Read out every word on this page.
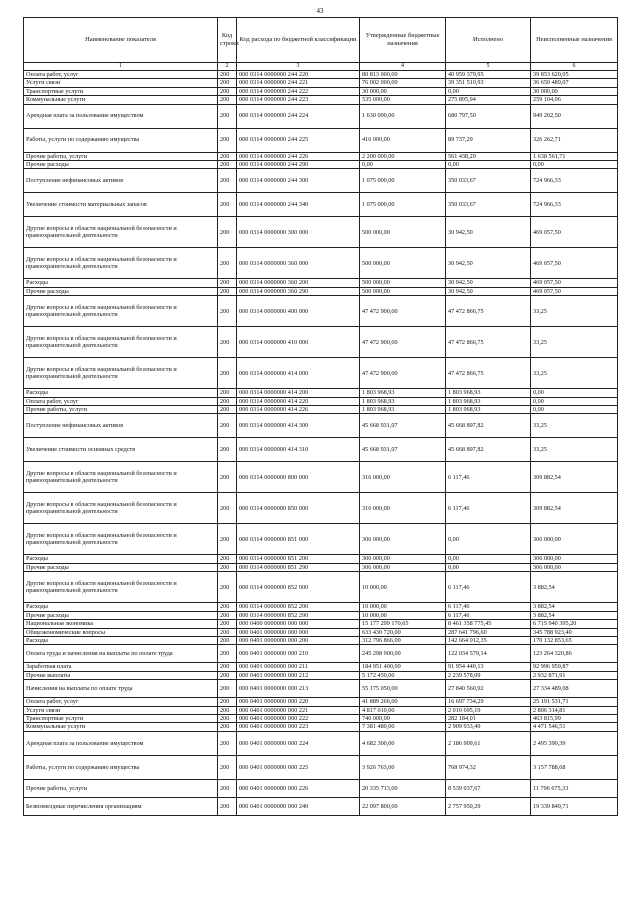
43
Наименование показателя	Код строки	Код расхода по бюджетной классификации	Утвержденные бюджетные назначения	Исполнено	Неисполненные назначения
1	2	3	4	5	6
Оплата работ, услуг	200	000 0314 0000000 244 220	80 813 000,00	40 959 379,95	39 853 620,05
Услуги связи	200	000 0314 0000000 244 221	76 002 000,00	39 351 510,93	36 650 489,07
Транспортные услуги	200	000 0314 0000000 244 222	30 000,00	0,00	30 000,00
Коммунальные услуги	200	000 0314 0000000 244 223	535 000,00	275 895,94	259 104,06
Арендная плата за пользование имуществом	200	000 0314 0000000 244 224	1 630 000,00	680 797,50	949 202,50
Работы, услуги по содержанию имущества	200	000 0314 0000000 244 225	416 000,00	89 737,29	326 262,71
Прочие работы, услуги	200	000 0314 0000000 244 226	2 200 000,00	561 438,29	1 638 561,71
Прочие расходы	200	000 0314 0000000 244 290	0,00	0,00	0,00
Поступление нефинансовых активов	200	000 0314 0000000 244 300	1 075 000,00	350 033,67	724 966,33
Увеличение стоимости материальных запасов	200	000 0314 0000000 244 340	1 075 000,00	350 033,67	724 966,33
Другие вопросы в области национальной безопасности и правоохранительной деятельности	200	000 0314 0000000 300 000	500 000,00	30 942,50	469 057,50
Другие вопросы в области национальной безопасности и правоохранительной деятельности	200	000 0314 0000000 360 000	500 000,00	30 942,50	469 057,50
Расходы	200	000 0314 0000000 360 200	500 000,00	30 942,50	469 057,50
Прочие расходы	200	000 0314 0000000 360 290	500 000,00	30 942,50	469 057,50
Другие вопросы в области национальной безопасности и правоохранительной деятельности	200	000 0314 0000000 400 000	47 472 900,00	47 472 866,75	33,25
Другие вопросы в области национальной безопасности и правоохранительной деятельности	200	000 0314 0000000 410 000	47 472 900,00	47 472 866,75	33,25
Другие вопросы в области национальной безопасности и правоохранительной деятельности	200	000 0314 0000000 414 000	47 472 900,00	47 472 866,75	33,25
Расходы	200	000 0314 0000000 414 200	1 803 968,93	1 803 968,93	0,00
Оплата работ, услуг	200	000 0314 0000000 414 220	1 803 968,93	1 803 968,93	0,00
Прочие работы, услуги	200	000 0314 0000000 414 226	1 803 968,93	1 803 968,93	0,00
Поступление нефинансовых активов	200	000 0314 0000000 414 300	45 668 931,07	45 668 897,82	33,25
Увеличение стоимости основных средств	200	000 0314 0000000 414 310	45 668 931,07	45 668 897,82	33,25
Другие вопросы в области национальной безопасности и правоохранительной деятельности	200	000 0314 0000000 800 000	316 000,00	6 117,46	309 882,54
Другие вопросы в области национальной безопасности и правоохранительной деятельности	200	000 0314 0000000 850 000	316 000,00	6 117,46	309 882,54
Другие вопросы в области национальной безопасности и правоохранительной деятельности	200	000 0314 0000000 851 000	306 000,00	0,00	306 000,00
Расходы	200	000 0314 0000000 851 200	306 000,00	0,00	306 000,00
Прочие расходы	200	000 0314 0000000 851 290	306 000,00	0,00	306 000,00
Другие вопросы в области национальной безопасности и правоохранительной деятельности	200	000 0314 0000000 852 000	10 000,00	6 117,46	3 882,54
Расходы	200	000 0314 0000000 852 200	10 000,00	6 117,46	3 882,54
Прочие расходы	200	000 0314 0000000 852 290	10 000,00	6 117,46	3 882,54
Национальная экономика	200	000 0400 0000000 000 000	15 177 299 170,65	8 461 358 775,45	6 715 940 395,20
Общеэкономические вопросы	200	000 0401 0000000 000 000	633 430 720,00	287 641 796,60	345 788 923,40
Расходы	200	000 0401 0000000 000 200	312 796 866,00	142 664 012,35	170 132 853,65
Оплата труда и начисления на выплаты по оплате труда	200	000 0401 0000000 000 210	245 298 900,00	122 034 579,14	123 264 320,86
Заработная плата	200	000 0401 0000000 000 211	184 951 400,00	91 954 440,13	92 996 959,87
Прочие выплаты	200	000 0401 0000000 000 212	5 172 450,00	2 239 578,09	2 932 871,91
Начисления на выплаты по оплате труда	200	000 0401 0000000 000 213	55 175 050,00	27 840 560,92	27 334 489,08
Оплата работ, услуг	200	000 0401 0000000 000 220	41 889 266,00	16 697 734,29	25 191 531,71
Услуги связи	200	000 0401 0000000 000 221	4 817 010,00	2 010 695,19	2 806 314,81
Транспортные услуги	200	000 0401 0000000 000 222	746 000,00	282 184,01	463 815,99
Коммунальные услуги	200	000 0401 0000000 000 223	7 381 480,00	2 909 933,49	4 471 546,51
Арендная плата за пользование имуществом	200	000 0401 0000000 000 224	4 682 300,00	2 186 909,61	2 495 390,39
Работы, услуги по содержанию имущества	200	000 0401 0000000 000 225	3 926 763,00	768 974,32	3 157 788,68
Прочие работы, услуги	200	000 0401 0000000 000 226	20 335 713,00	8 539 037,67	11 796 675,33
Безвозмездные перечисления организациям	200	000 0401 0000000 000 240	22 097 800,00	2 757 950,29	19 339 849,71
